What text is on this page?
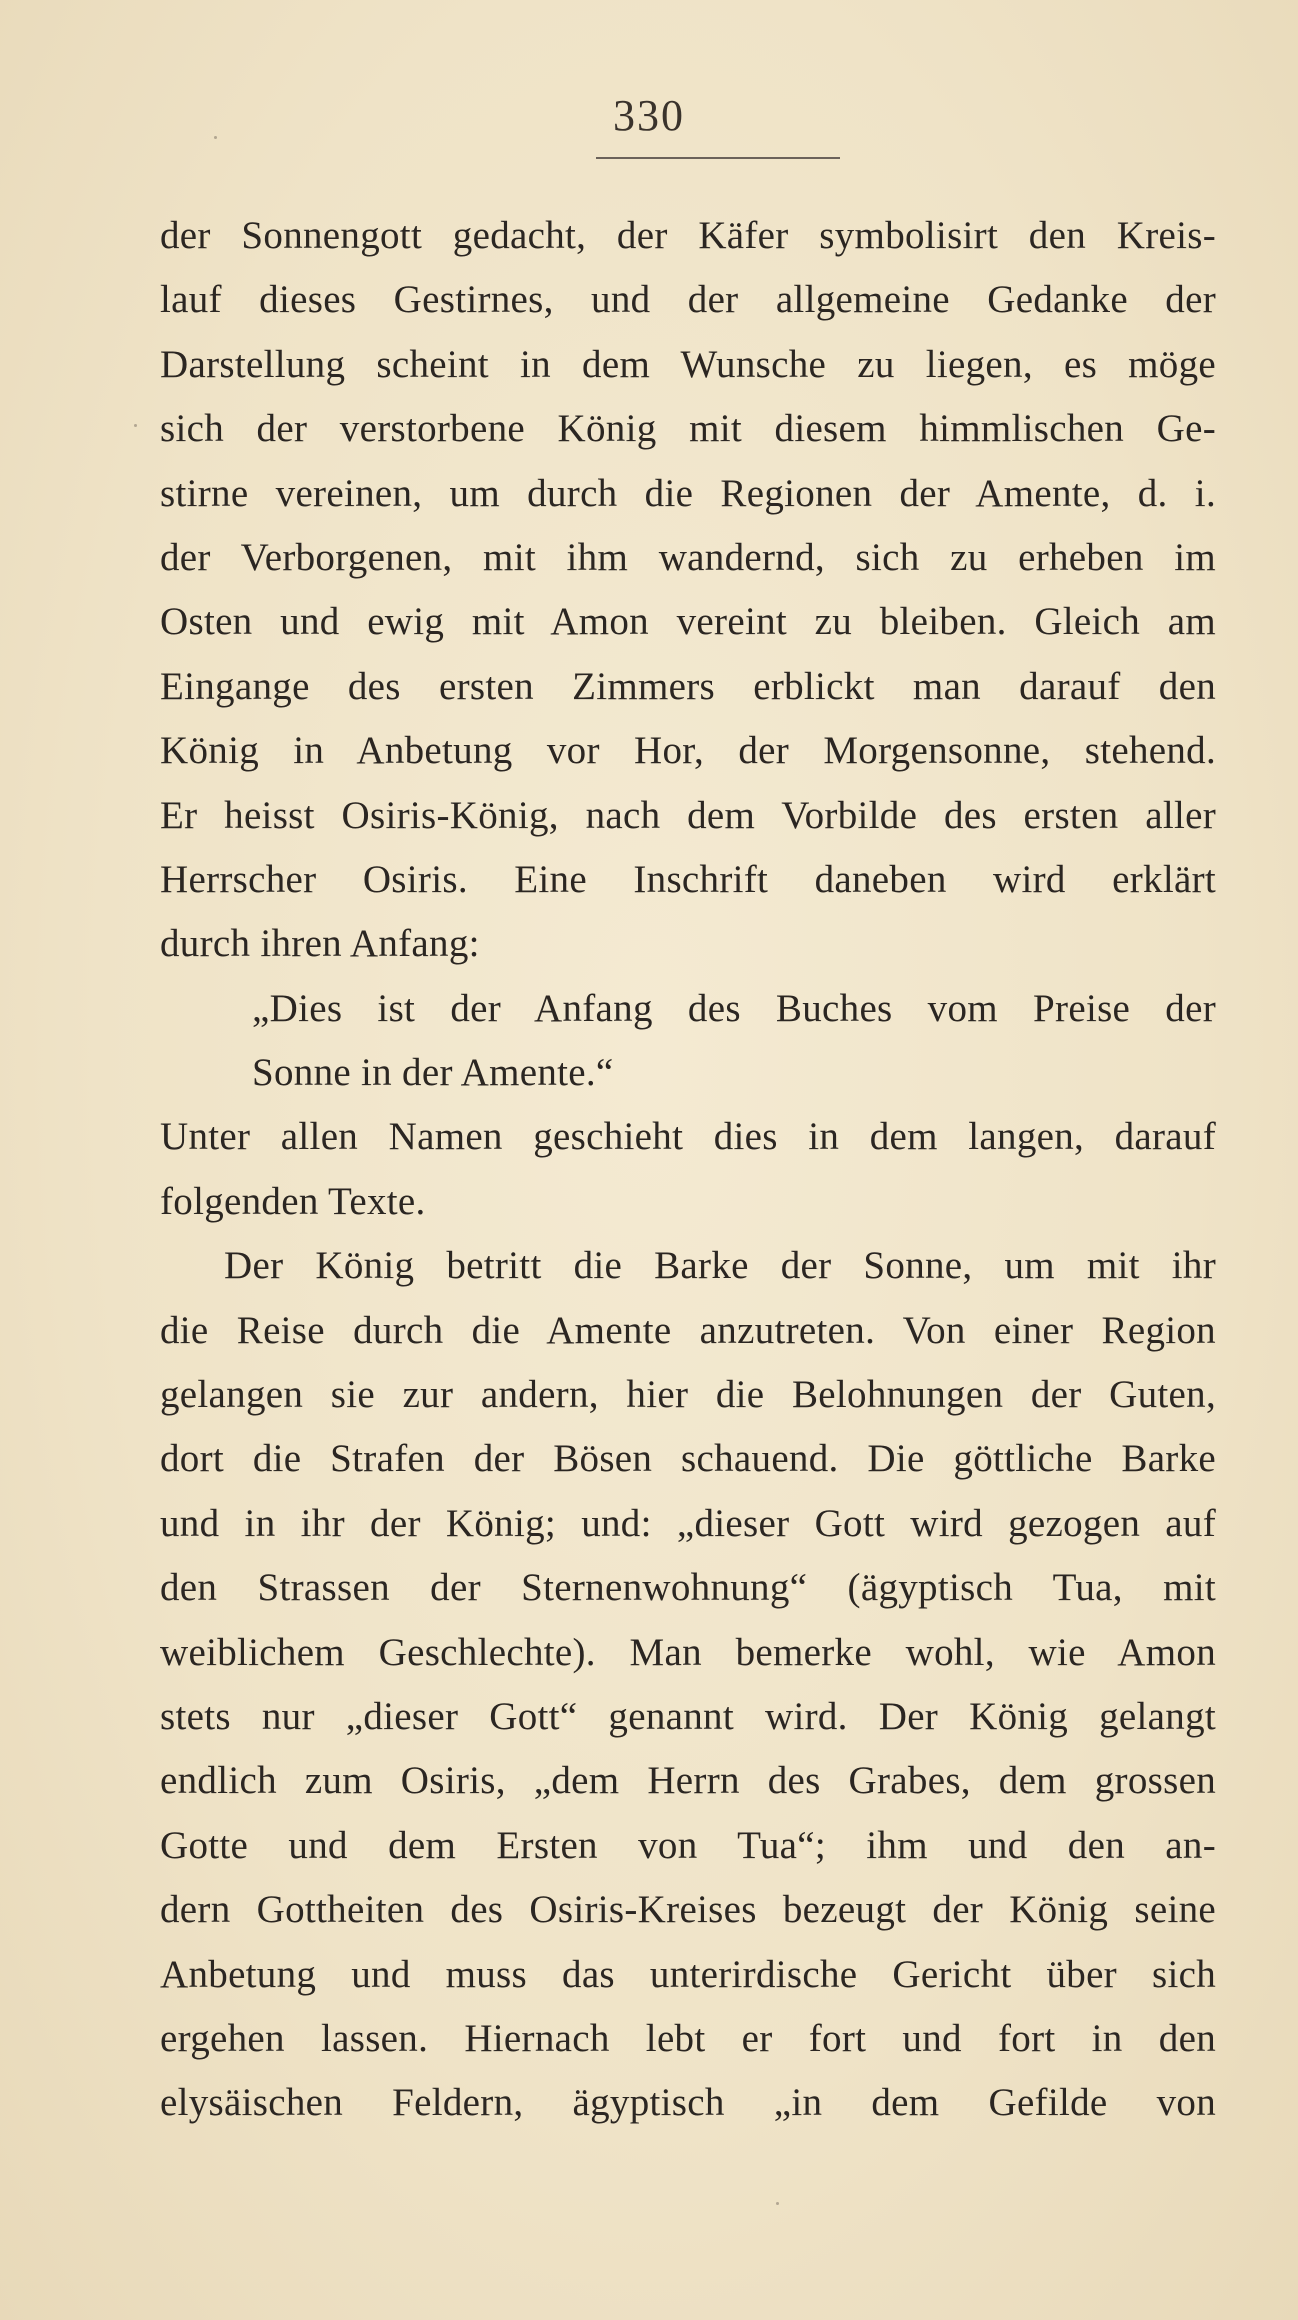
330
der Sonnengott gedacht, der Käfer symbolisirt den Kreis-
lauf dieses Gestirnes, und der allgemeine Gedanke der
Darstellung scheint in dem Wunsche zu liegen, es möge
sich der verstorbene König mit diesem himmlischen Ge-
stirne vereinen, um durch die Regionen der Amente, d. i.
der Verborgenen, mit ihm wandernd, sich zu erheben im
Osten und ewig mit Amon vereint zu bleiben. Gleich am
Eingange des ersten Zimmers erblickt man darauf den
König in Anbetung vor Hor, der Morgensonne, stehend.
Er heisst Osiris-König, nach dem Vorbilde des ersten aller
Herrscher Osiris. Eine Inschrift daneben wird erklärt
durch ihren Anfang:
„Dies ist der Anfang des Buches vom Preise der
Sonne in der Amente.“
Unter allen Namen geschieht dies in dem langen, darauf
folgenden Texte.
Der König betritt die Barke der Sonne, um mit ihr
die Reise durch die Amente anzutreten. Von einer Region
gelangen sie zur andern, hier die Belohnungen der Guten,
dort die Strafen der Bösen schauend. Die göttliche Barke
und in ihr der König; und: „dieser Gott wird gezogen auf
den Strassen der Sternenwohnung“ (ägyptisch Tua, mit
weiblichem Geschlechte). Man bemerke wohl, wie Amon
stets nur „dieser Gott“ genannt wird. Der König gelangt
endlich zum Osiris, „dem Herrn des Grabes, dem grossen
Gotte und dem Ersten von Tua“; ihm und den an-
dern Gottheiten des Osiris-Kreises bezeugt der König seine
Anbetung und muss das unterirdische Gericht über sich
ergehen lassen. Hiernach lebt er fort und fort in den
elysäischen Feldern, ägyptisch „in dem Gefilde von
